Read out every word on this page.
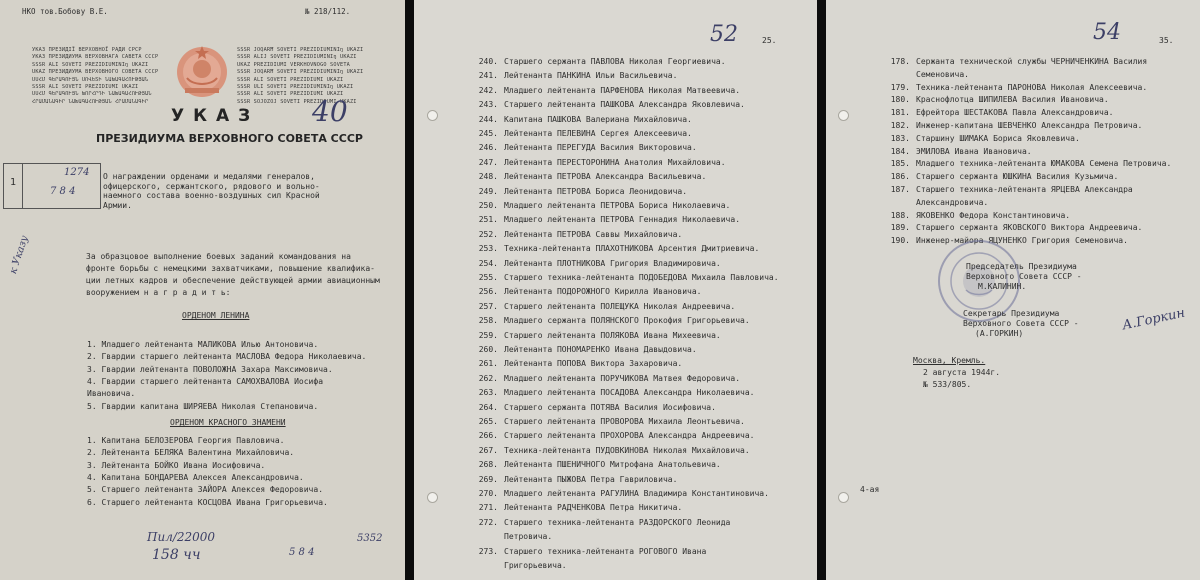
НКО тов.Бобову В.Е.	№ 218/112.
УКАЗ ПРЕЗИДІЇ ВЕРХОВНОЇ РАДИ СРСР
УКАЗ ПРЕЗИДИУМА ВЕРХОВНАГА САВЕТА СССР
SSSR ALI SOVETI PREZIDIUMINIŋ UKAZI
UKAZ ПРЕЗИДИУМА ВЕРХОВНОГО СОВЕТА СССР
ՍՍՀՄ ԳԵՐԱԳՈՒՅՆ ՍՈՎԵՏԻ ՆԱԽԱԳԱՀՈՒԹՅԱՆ
SSSR ALI SOVETI PREZIDIUMI UKAZI
ՍՍՀՄ ԳԵՐԱԳՈՒՅՆ ԽՈՐՀՐԴԻ ՆԱԽԱԳԱՀՈՒԹՅԱՆ
ՀՐԱՄԱՆԱԳԻՐ ՆԱԽԱԳԱՀՈՒԹՅԱՆ ՀՐԱՄԱՆԱԳԻՐ
SSSR JOQARĦ SOVETI PREZIDIUMINIŋ UKAZI
SSSR ALIJ SOVETI PREZIDIUMINIŋ UKAZI
UKAZ PREZIDIUMI VERKHOVNOGO SOVETA
SSSR JOQARĦ SOVETI PREZIDIUMINIŋ UKAZI
SSSR ALI SOVETI PREZIDIUMI UKAZI
SSSR ULI SOVETI PREZIDIUMINIŋ UKAZI
SSSR ALI SOVETI PREZIDIUMI UKAZI
SSSR SOJOZOJ SOVETI PREZIDIUMI UKAZI
УКАЗ
ПРЕЗИДИУМА ВЕРХОВНОГО СОВЕТА СССР
40
1
1274
7 8 4
О награждении орденами и медалями генералов,
офицерского, сержантского, рядового и вольно-
наемного состава военно-воздушных сил Красной
Армии.
к Указу	За образцовое выполнение боевых заданий командования на
фронте борьбы с немецкими захватчиками, повышение квалифика-
ции летных кадров и обеспечение действующей армии авиационным
вооружением н а г р а д и т ь:
ОРДЕНОМ ЛЕНИНА
1. Младшего лейтенанта МАЛИКОВА Илью Антоновича.
2. Гвардии старшего лейтенанта МАСЛОВА Федора Николаевича.
3. Гвардии лейтенанта ПОВОЛОЖНА Захара Максимовича.
4. Гвардии старшего лейтенанта САМОХВАЛОВА Иосифа
Ивановича.
5. Гвардии капитана ШИРЯЕВА Николая Степановича.
ОРДЕНОМ КРАСНОГО ЗНАМЕНИ
1. Капитана БЕЛОЗЕРОВА Георгия Павловича.
2. Лейтенанта БЕЛЯКА Валентина Михайловича.
3. Лейтенанта БОЙКО Ивана Иосифовича.
4. Капитана БОНДАРЕВА Алексея Александровича.
5. Старшего лейтенанта ЗАЙОРА Алексея Федоровича.
6. Старшего лейтенанта КОСЦОВА Ивана Григорьевича.
Пил/22000
158 чч
5352
5 8 4
52	25.
240. Старшего сержанта ПАВЛОВА Николая Георгиевича.
241. Лейтенанта ПАНКИНА Ильи Васильевича.
242. Младшего лейтенанта ПАРФЕНОВА Николая Матвеевича.
243. Старшего лейтенанта ПАШКОВА Александра Яковлевича.
244. Капитана ПАШКОВА Валериана Михайловича.
245. Лейтенанта ПЕЛЕВИНА Сергея Алексеевича.
246. Лейтенанта ПЕРЕГУДА Василия Викторовича.
247. Лейтенанта ПЕРЕСТОРОНИНА Анатолия Михайловича.
248. Лейтенанта ПЕТРОВА Александра Васильевича.
249. Лейтенанта ПЕТРОВА Бориса Леонидовича.
250. Младшего лейтенанта ПЕТРОВА Бориса Николаевича.
251. Младшего лейтенанта ПЕТРОВА Геннадия Николаевича.
252. Лейтенанта ПЕТРОВА Саввы Михайловича.
253. Техника-лейтенанта ПЛАХОТНИКОВА Арсентия Дмитриевича.
254. Лейтенанта ПЛОТНИКОВА Григория Владимировича.
255. Старшего техника-лейтенанта ПОДОБЕДОВА Михаила Павловича.
256. Лейтенанта ПОДОРОЖНОГО Кирилла Ивановича.
257. Старшего лейтенанта ПОЛЕЩУКА Николая Андреевича.
258. Младшего сержанта ПОЛЯНСКОГО Прокофия Григорьевича.
259. Старшего лейтенанта ПОЛЯКОВА Ивана Михеевича.
260. Лейтенанта ПОНОМАРЕНКО Ивана Давыдовича.
261. Лейтенанта ПОПОВА Виктора Захаровича.
262. Младшего лейтенанта ПОРУЧИКОВА Матвея Федоровича.
263. Младшего лейтенанта ПОСАДОВА Александра Николаевича.
264. Старшего сержанта ПОТЯВА Василия Иосифовича.
265. Старшего лейтенанта ПРОВОРОВА Михаила Леонтьевича.
266. Старшего лейтенанта ПРОХОРОВА Александра Андреевича.
267. Техника-лейтенанта ПУДОВКИНОВА Николая Михайловича.
268. Лейтенанта ПШЕНИЧНОГО Митрофана Анатольевича.
269. Лейтенанта ПЫЖОВА Петра Гавриловича.
270. Младшего лейтенанта РАГУЛИНА Владимира Константиновича.
271. Лейтенанта РАДЧЕНКОВА Петра Никитича.
272. Старшего техника-лейтенанта РАЗДОРСКОГО Леонида
Петровича.
273. Старшего техника-лейтенанта РОГОВОГО Ивана
Григорьевича.
54	35.
178. Сержанта технической службы ЧЕРНИЧЕНКИНА Василия
Семеновича.
179. Техника-лейтенанта ПАРОНОВА Николая Алексеевича.
180. Краснофлотца ШИПИЛЕВА Василия Ивановича.
181. Ефрейтора ШЕСТАКОВА Павла Александровича.
182. Инженер-капитана ШЕВЧЕНКО Александра Петровича.
183. Старшину ШИМАКА Бориса Яковлевича.
184. ЭМИЛОВА Ивана Ивановича.
185. Младшего техника-лейтенанта ЮМАКОВА Семена Петровича.
186. Старшего сержанта ЮШКИНА Василия Кузьмича.
187. Старшего техника-лейтенанта ЯРЦЕВА Александра
Александровича.
188. ЯКОВЕНКО Федора Константиновича.
189. Старшего сержанта ЯКОВСКОГО Виктора Андреевича.
190. Инженер-майора ЯЦУНЕНКО Григория Семеновича.
Председатель Президиума
Верховного Совета СССР -
М.КАЛИНИН.
Секретарь Президиума
Верховного Совета СССР -
(А.ГОРКИН)
А.Горкин
Москва, Кремль.
2 августа 1944г.
№ 533/805.
4-ая
